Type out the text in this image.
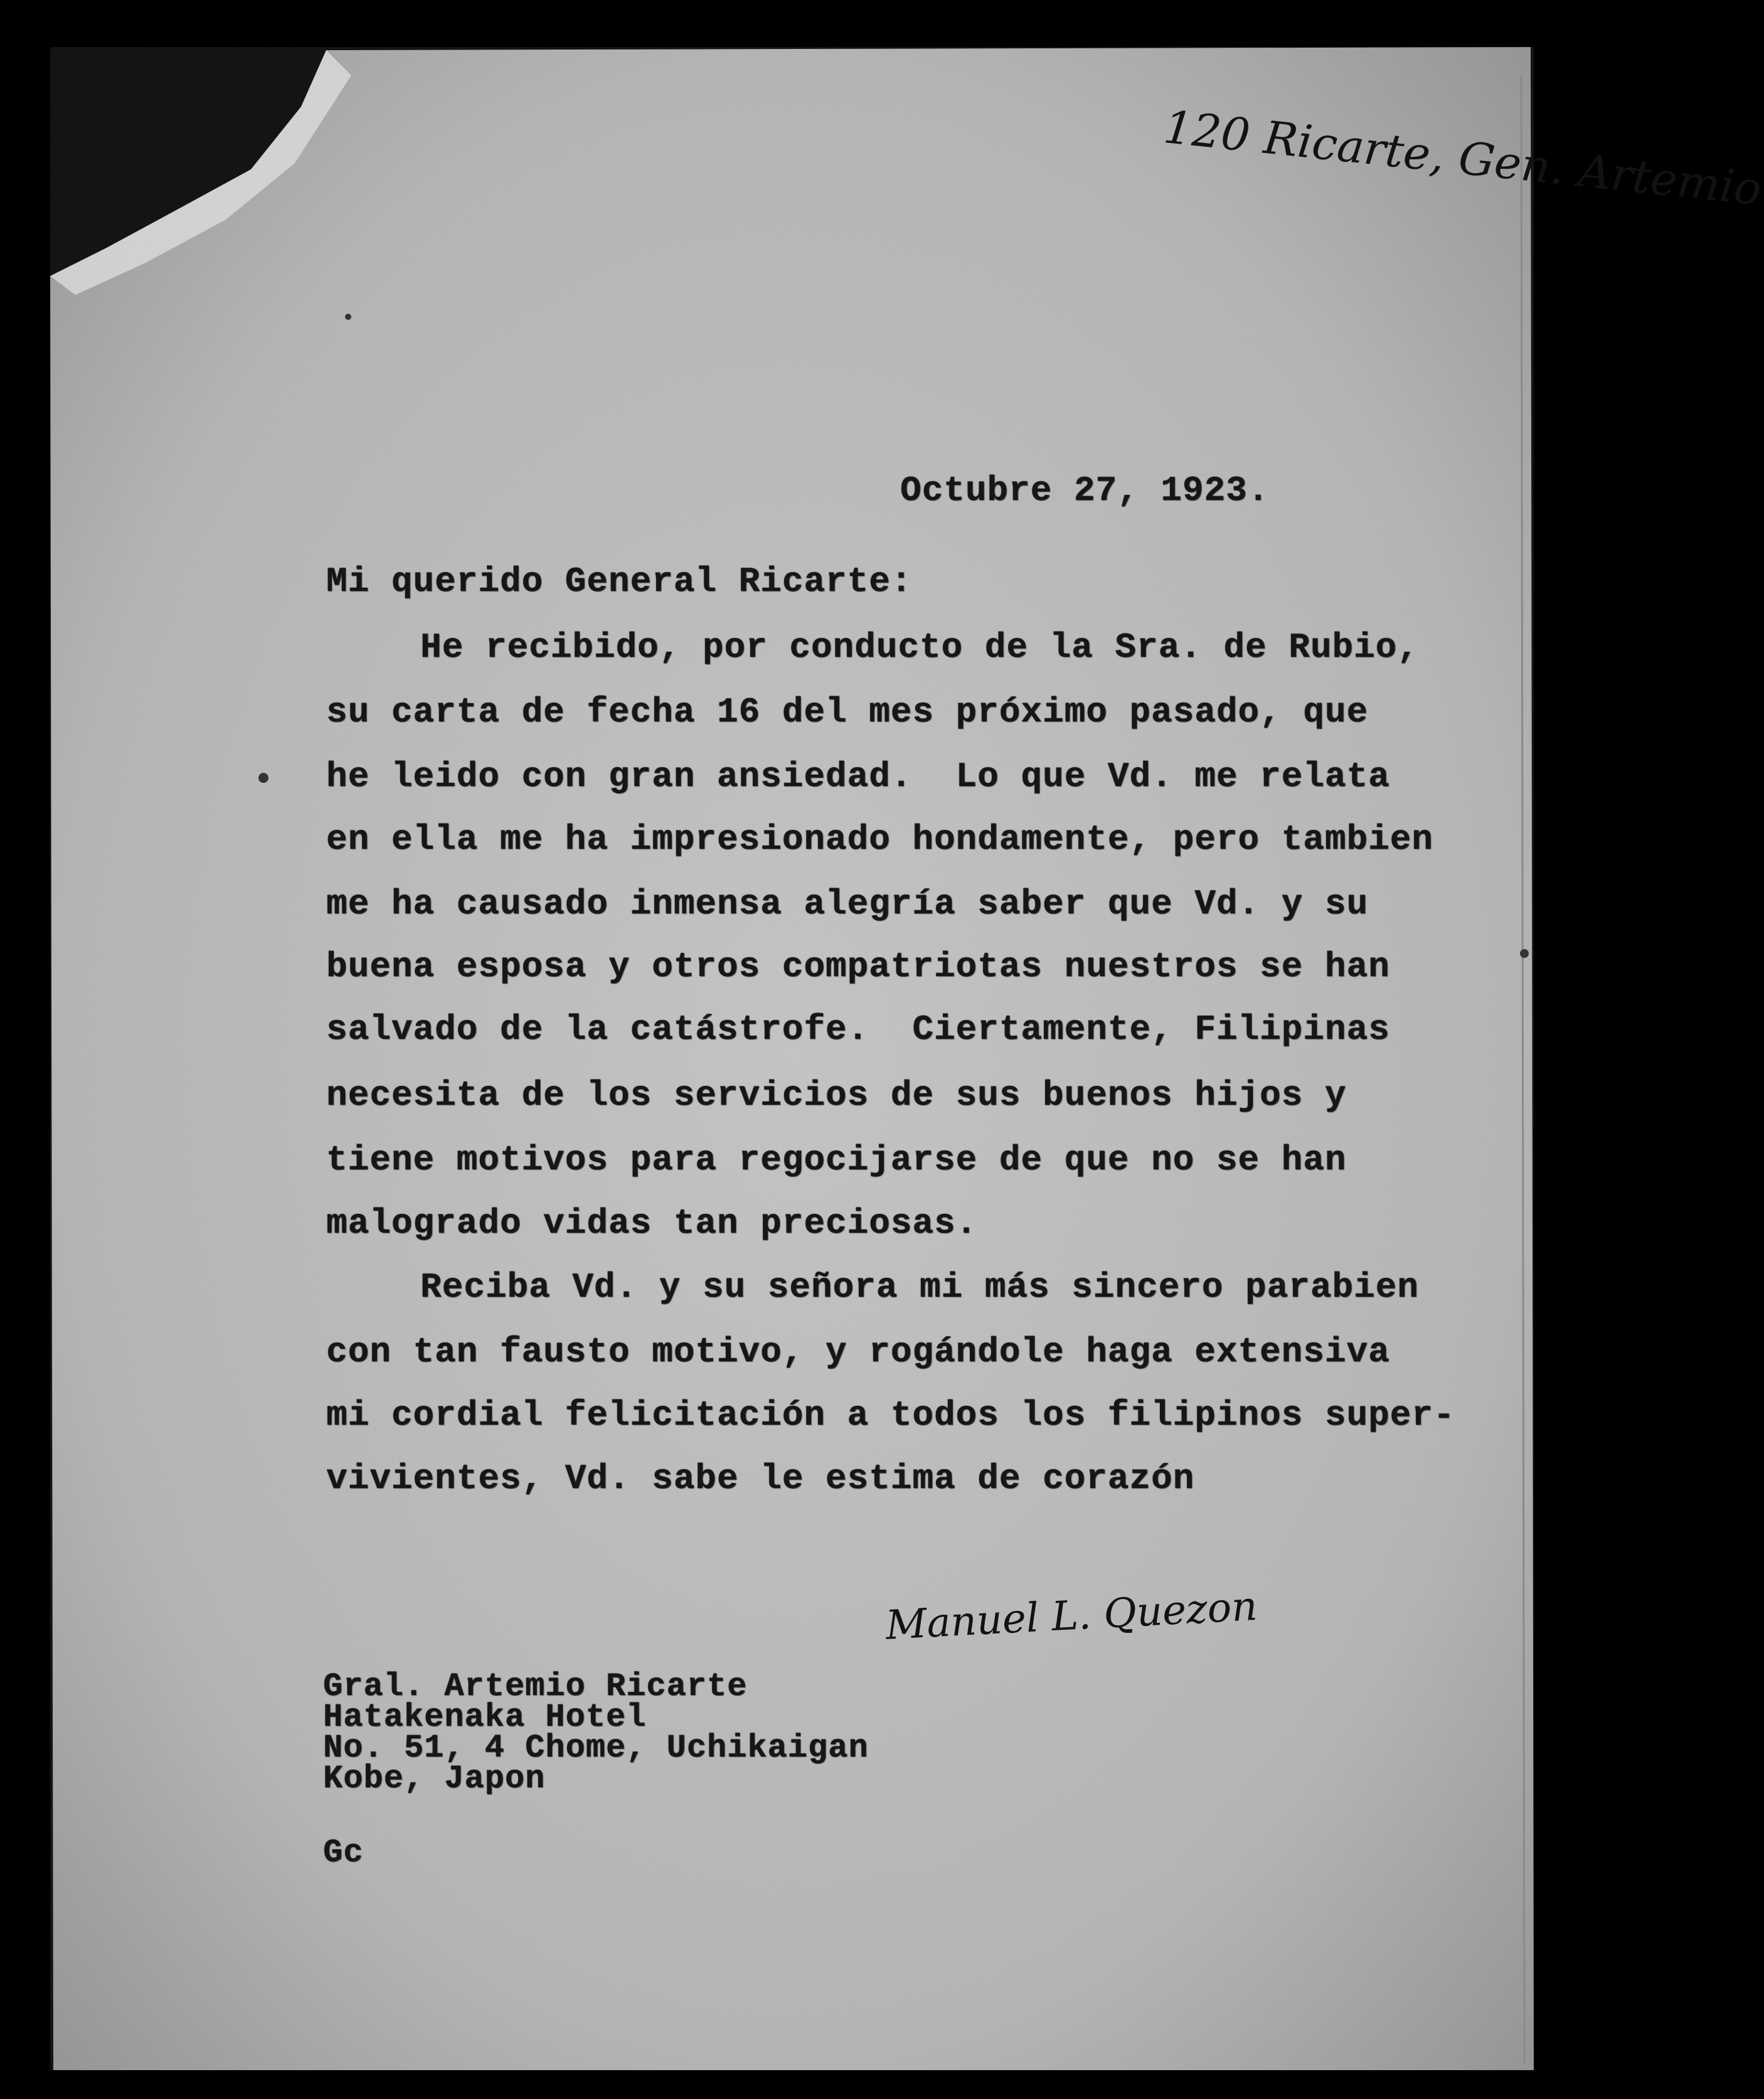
120 Ricarte, Gen. Artemio
Octubre 27, 1923.
Mi querido General Ricarte:
He recibido, por conducto de la Sra. de Rubio,
su carta de fecha 16 del mes próximo pasado, que
he leido con gran ansiedad.  Lo que Vd. me relata
en ella me ha impresionado hondamente, pero tambien
me ha causado inmensa alegría saber que Vd. y su
buena esposa y otros compatriotas nuestros se han
salvado de la catástrofe.  Ciertamente, Filipinas
necesita de los servicios de sus buenos hijos y
tiene motivos para regocijarse de que no se han
malogrado vidas tan preciosas.
Reciba Vd. y su señora mi más sincero parabien
con tan fausto motivo, y rogándole haga extensiva
mi cordial felicitación a todos los filipinos super-
vivientes, Vd. sabe le estima de corazón
Manuel L. Quezon
Gral. Artemio Ricarte
Hatakenaka Hotel
No. 51, 4 Chome, Uchikaigan
Kobe, Japon
Gc
